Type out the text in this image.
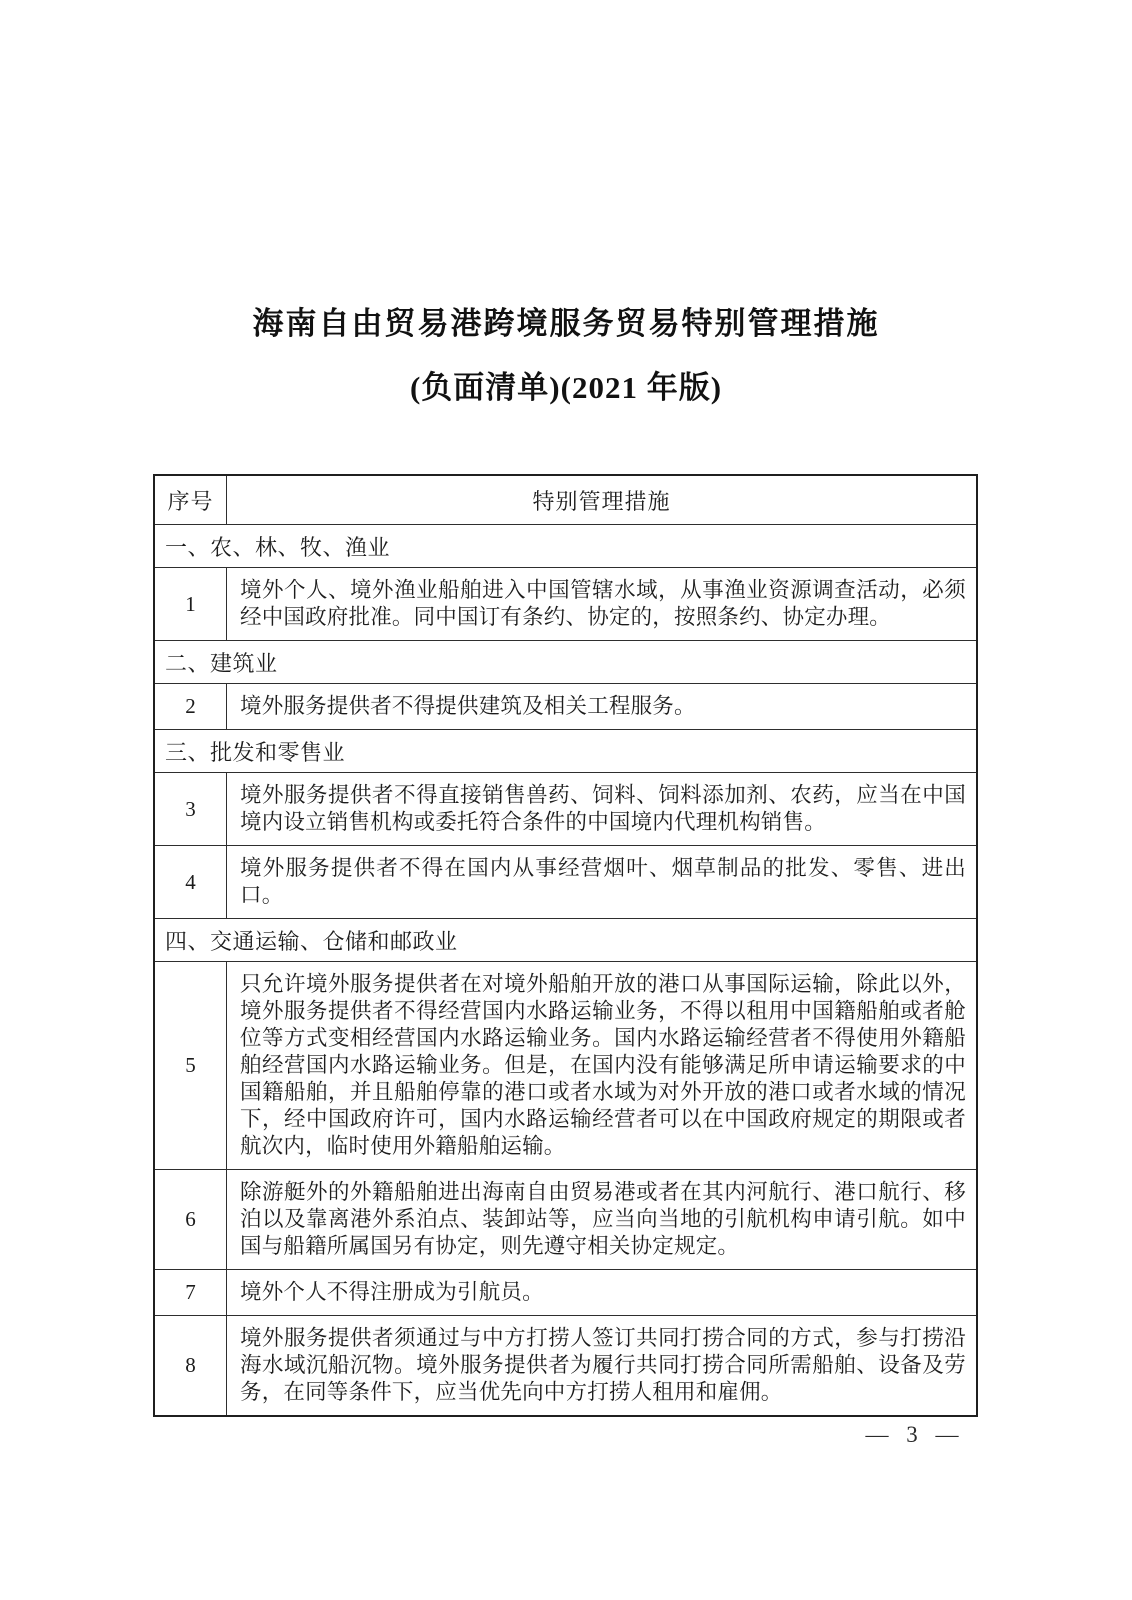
海南自由贸易港跨境服务贸易特别管理措施
(负面清单)(2021 年版)
序号	特别管理措施
一、农、林、牧、渔业	
1	境外个人、境外渔业船舶进入中国管辖水域，从事渔业资源调查活动，必须经中国政府批准。同中国订有条约、协定的，按照条约、协定办理。
二、建筑业	
2	境外服务提供者不得提供建筑及相关工程服务。
三、批发和零售业	
3	境外服务提供者不得直接销售兽药、饲料、饲料添加剂、农药，应当在中国境内设立销售机构或委托符合条件的中国境内代理机构销售。
4	境外服务提供者不得在国内从事经营烟叶、烟草制品的批发、零售、进出口。
四、交通运输、仓储和邮政业	
5	只允许境外服务提供者在对境外船舶开放的港口从事国际运输，除此以外，境外服务提供者不得经营国内水路运输业务，不得以租用中国籍船舶或者舱位等方式变相经营国内水路运输业务。国内水路运输经营者不得使用外籍船舶经营国内水路运输业务。但是，在国内没有能够满足所申请运输要求的中国籍船舶，并且船舶停靠的港口或者水域为对外开放的港口或者水域的情况下，经中国政府许可，国内水路运输经营者可以在中国政府规定的期限或者航次内，临时使用外籍船舶运输。
6	除游艇外的外籍船舶进出海南自由贸易港或者在其内河航行、港口航行、移泊以及靠离港外系泊点、装卸站等，应当向当地的引航机构申请引航。如中国与船籍所属国另有协定，则先遵守相关协定规定。
7	境外个人不得注册成为引航员。
8	境外服务提供者须通过与中方打捞人签订共同打捞合同的方式，参与打捞沿海水域沉船沉物。境外服务提供者为履行共同打捞合同所需船舶、设备及劳务，在同等条件下，应当优先向中方打捞人租用和雇佣。
— 3 —
